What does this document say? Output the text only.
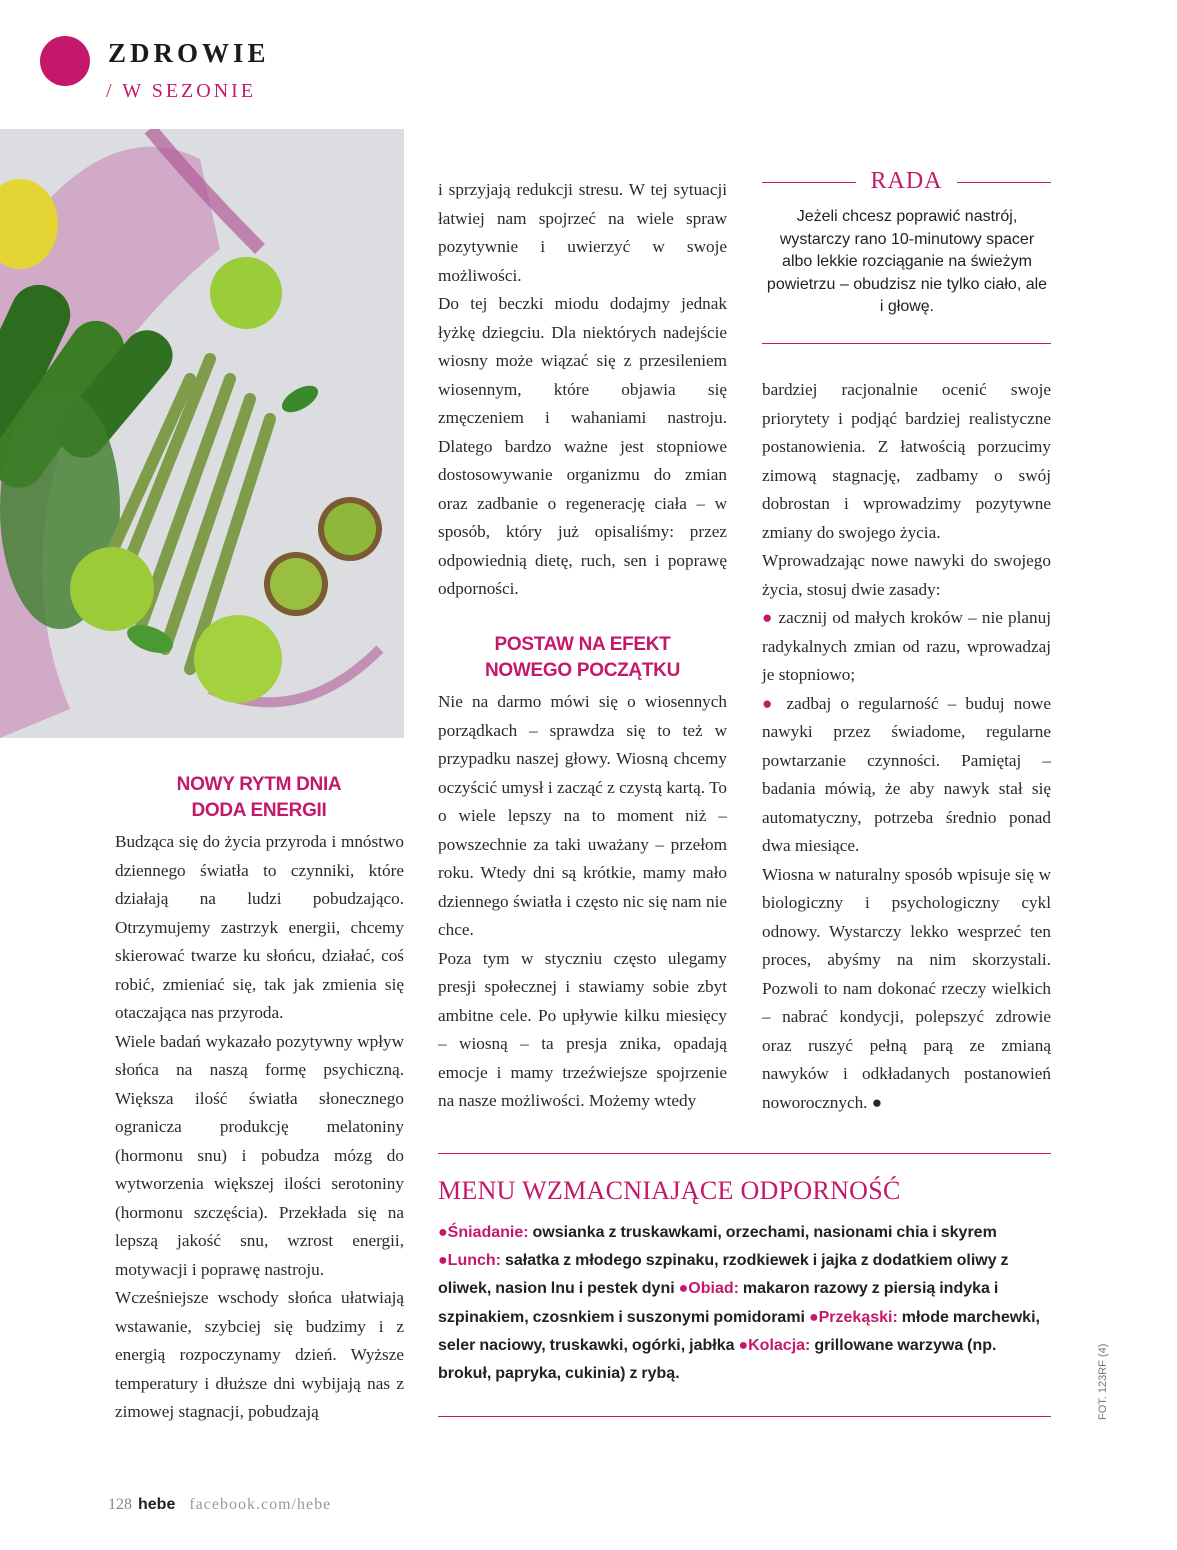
ZDROWIE
/ W SEZONIE
NOWY RYTM DNIA
DODA ENERGII

Budząca się do życia przyroda i mnóstwo dziennego światła to czynniki, które działają na ludzi pobudzająco. Otrzymujemy zastrzyk energii, chcemy skierować twarze ku słońcu, działać, coś robić, zmieniać się, tak jak zmienia się otaczająca nas przyroda.

Wiele badań wykazało pozytywny wpływ słońca na naszą formę psychiczną. Większa ilość światła słonecznego ogranicza produkcję melatoniny (hormonu snu) i pobudza mózg do wytworzenia większej ilości serotoniny (hormonu szczęścia). Przekłada się na lepszą jakość snu, wzrost energii, motywacji i poprawę nastroju.

Wcześniejsze wschody słońca ułatwiają wstawanie, szybciej się budzimy i z energią rozpoczynamy dzień. Wyższe temperatury i dłuższe dni wybijają nas z zimowej stagnacji, pobudzają

i sprzyjają redukcji stresu. W tej sytuacji łatwiej nam spojrzeć na wiele spraw pozytywnie i uwierzyć w swoje możliwości.

Do tej beczki miodu dodajmy jednak łyżkę dziegciu. Dla niektórych nadejście wiosny może wiązać się z przesileniem wiosennym, które objawia się zmęczeniem i wahaniami nastroju. Dlatego bardzo ważne jest stopniowe dostosowywanie organizmu do zmian oraz zadbanie o regenerację ciała – w sposób, który już opisaliśmy: przez odpowiednią dietę, ruch, sen i poprawę odporności.

POSTAW NA EFEKT
NOWEGO POCZĄTKU

Nie na darmo mówi się o wiosennych porządkach – sprawdza się to też w przypadku naszej głowy. Wiosną chcemy oczyścić umysł i zacząć z czystą kartą. To o wiele lepszy na to moment niż – powszechnie za taki uważany – przełom roku. Wtedy dni są krótkie, mamy mało dziennego światła i często nic się nam nie chce.

Poza tym w styczniu często ulegamy presji społecznej i stawiamy sobie zbyt ambitne cele. Po upływie kilku miesięcy – wiosną – ta presja znika, opadają emocje i mamy trzeźwiejsze spojrzenie na nasze możliwości. Możemy wtedy

RADA
Jeżeli chcesz poprawić nastrój, wystarczy rano 10-minutowy spacer albo lekkie rozciąganie na świeżym powietrzu – obudzisz nie tylko ciało, ale i głowę.

bardziej racjonalnie ocenić swoje priorytety i podjąć bardziej realistyczne postanowienia. Z łatwością porzucimy zimową stagnację, zadbamy o swój dobrostan i wprowadzimy pozytywne zmiany do swojego życia.

Wprowadzając nowe nawyki do swojego życia, stosuj dwie zasady:

● zacznij od małych kroków – nie planuj radykalnych zmian od razu, wprowadzaj je stopniowo;

● zadbaj o regularność – buduj nowe nawyki przez świadome, regularne powtarzanie czynności. Pamiętaj – badania mówią, że aby nawyk stał się automatyczny, potrzeba średnio ponad dwa miesiące.

Wiosna w naturalny sposób wpisuje się w biologiczny i psychologiczny cykl odnowy. Wystarczy lekko wesprzeć ten proces, abyśmy na nim skorzystali. Pozwoli to nam dokonać rzeczy wielkich – nabrać kondycji, polepszyć zdrowie oraz ruszyć pełną parą ze zmianą nawyków i odkładanych postanowień noworocznych. ●

MENU WZMACNIAJĄCE ODPORNOŚĆ
●Śniadanie: owsianka z truskawkami, orzechami, nasionami chia i skyrem ●Lunch: sałatka z młodego szpinaku, rzodkiewek i jajka z dodatkiem oliwy z oliwek, nasion lnu i pestek dyni ●Obiad: makaron razowy z piersią indyka i szpinakiem, czosnkiem i suszonymi pomidorami ●Przekąski: młode marchewki, seler naciowy, truskawki, ogórki, jabłka ●Kolacja: grillowane warzywa (np. brokuł, papryka, cukinia) z rybą.	FOT. 123RF (4)
128 hebe facebook.com/hebe
